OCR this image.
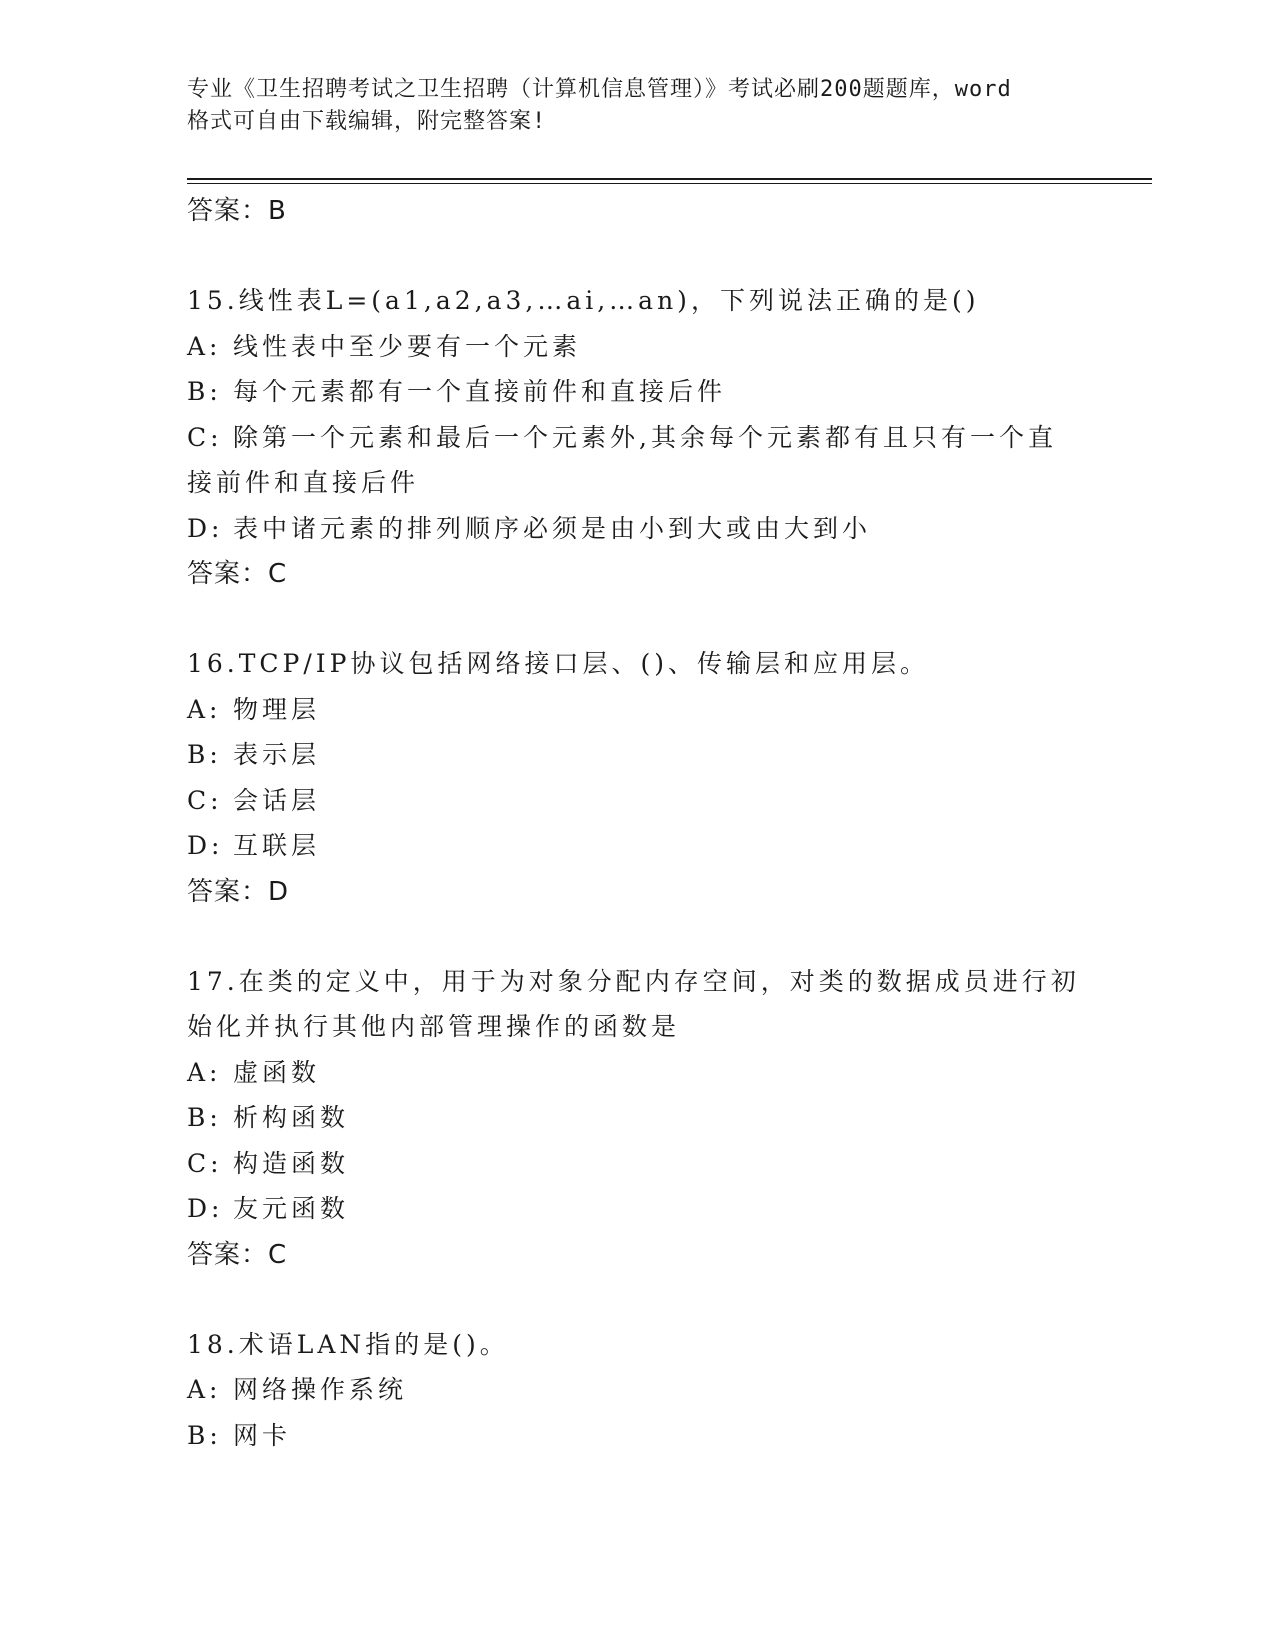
专业《卫生招聘考试之卫生招聘（计算机信息管理）》考试必刷200题题库，word
格式可自由下载编辑，附完整答案!
答案：B
15.线性表L=(a1,a2,a3,…ai,…an)，下列说法正确的是()
A: 线性表中至少要有一个元素
B: 每个元素都有一个直接前件和直接后件
C: 除第一个元素和最后一个元素外,其余每个元素都有且只有一个直
接前件和直接后件
D: 表中诸元素的排列顺序必须是由小到大或由大到小
答案：C
16.TCP/IP协议包括网络接口层、()、传输层和应用层。
A: 物理层
B: 表示层
C: 会话层
D: 互联层
答案：D
17.在类的定义中，用于为对象分配内存空间，对类的数据成员进行初
始化并执行其他内部管理操作的函数是
A: 虚函数
B: 析构函数
C: 构造函数
D: 友元函数
答案：C
18.术语LAN指的是()。
A: 网络操作系统
B: 网卡
